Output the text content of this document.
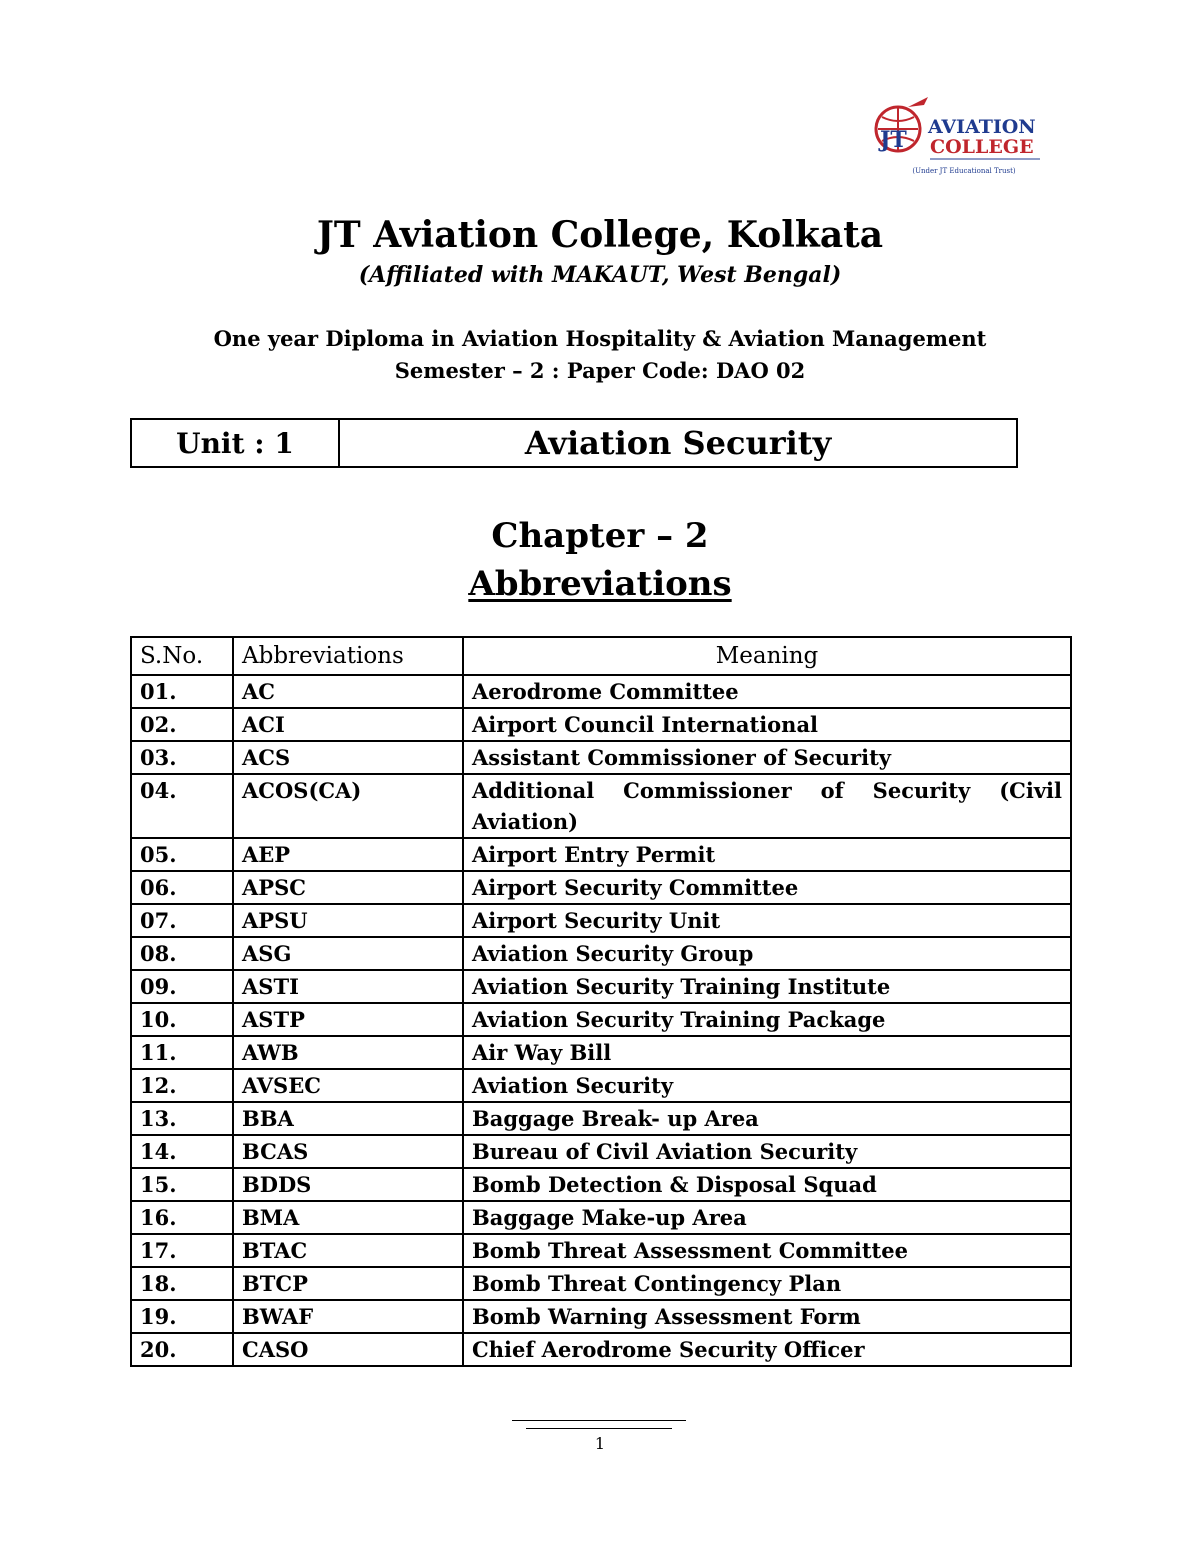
JT AVIATION
COLLEGE
(Under JT Educational Trust)
JT Aviation College, Kolkata
(Affiliated with MAKAUT, West Bengal)
One year Diploma in Aviation Hospitality & Aviation Management
Semester – 2 : Paper Code: DAO 02
Unit : 1	Aviation Security
Chapter – 2
Abbreviations
S.No.	Abbreviations	Meaning
01.	AC	Aerodrome Committee
02.	ACI	Airport Council International
03.	ACS	Assistant Commissioner of Security
04.	ACOS(CA)	Additional Commissioner of Security (Civil Aviation)
05.	AEP	Airport Entry Permit
06.	APSC	Airport Security Committee
07.	APSU	Airport Security Unit
08.	ASG	Aviation Security Group
09.	ASTI	Aviation Security Training Institute
10.	ASTP	Aviation Security Training Package
11.	AWB	Air Way Bill
12.	AVSEC	Aviation Security
13.	BBA	Baggage Break- up Area
14.	BCAS	Bureau of Civil Aviation Security
15.	BDDS	Bomb Detection & Disposal Squad
16.	BMA	Baggage Make-up Area
17.	BTAC	Bomb Threat Assessment Committee
18.	BTCP	Bomb Threat Contingency Plan
19.	BWAF	Bomb Warning Assessment Form
20.	CASO	Chief Aerodrome Security Officer
1
